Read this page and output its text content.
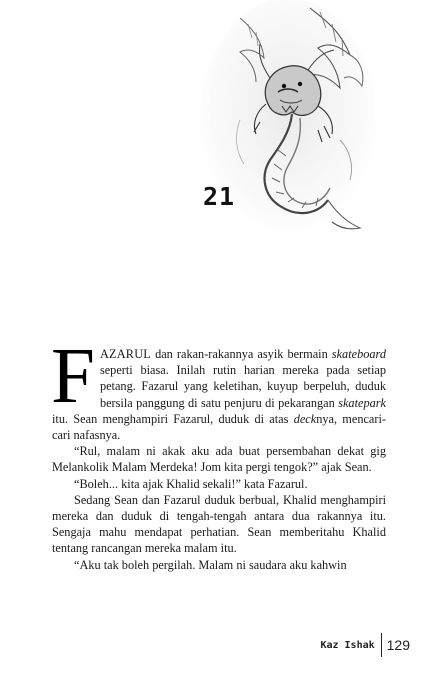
21

FAZARUL dan rakan-rakannya asyik bermain skateboard seperti biasa. Inilah rutin harian mereka pada setiap petang. Fazarul yang keletihan, kuyup berpeluh, duduk bersila panggung di satu penjuru di pekarangan skatepark itu. Sean menghampiri Fazarul, duduk di atas decknya, mencari-cari nafasnya.

“Rul, malam ni akak aku ada buat persembahan dekat gig Melankolik Malam Merdeka! Jom kita pergi tengok?” ajak Sean.

“Boleh... kita ajak Khalid sekali!” kata Fazarul.

Sedang Sean dan Fazarul duduk berbual, Khalid menghampiri mereka dan duduk di tengah-tengah antara dua rakannya itu. Sengaja mahu mendapat perhatian. Sean memberitahu Khalid tentang rancangan mereka malam itu.

“Aku tak boleh pergilah. Malam ni saudara aku kahwin

Kaz Ishak 129
